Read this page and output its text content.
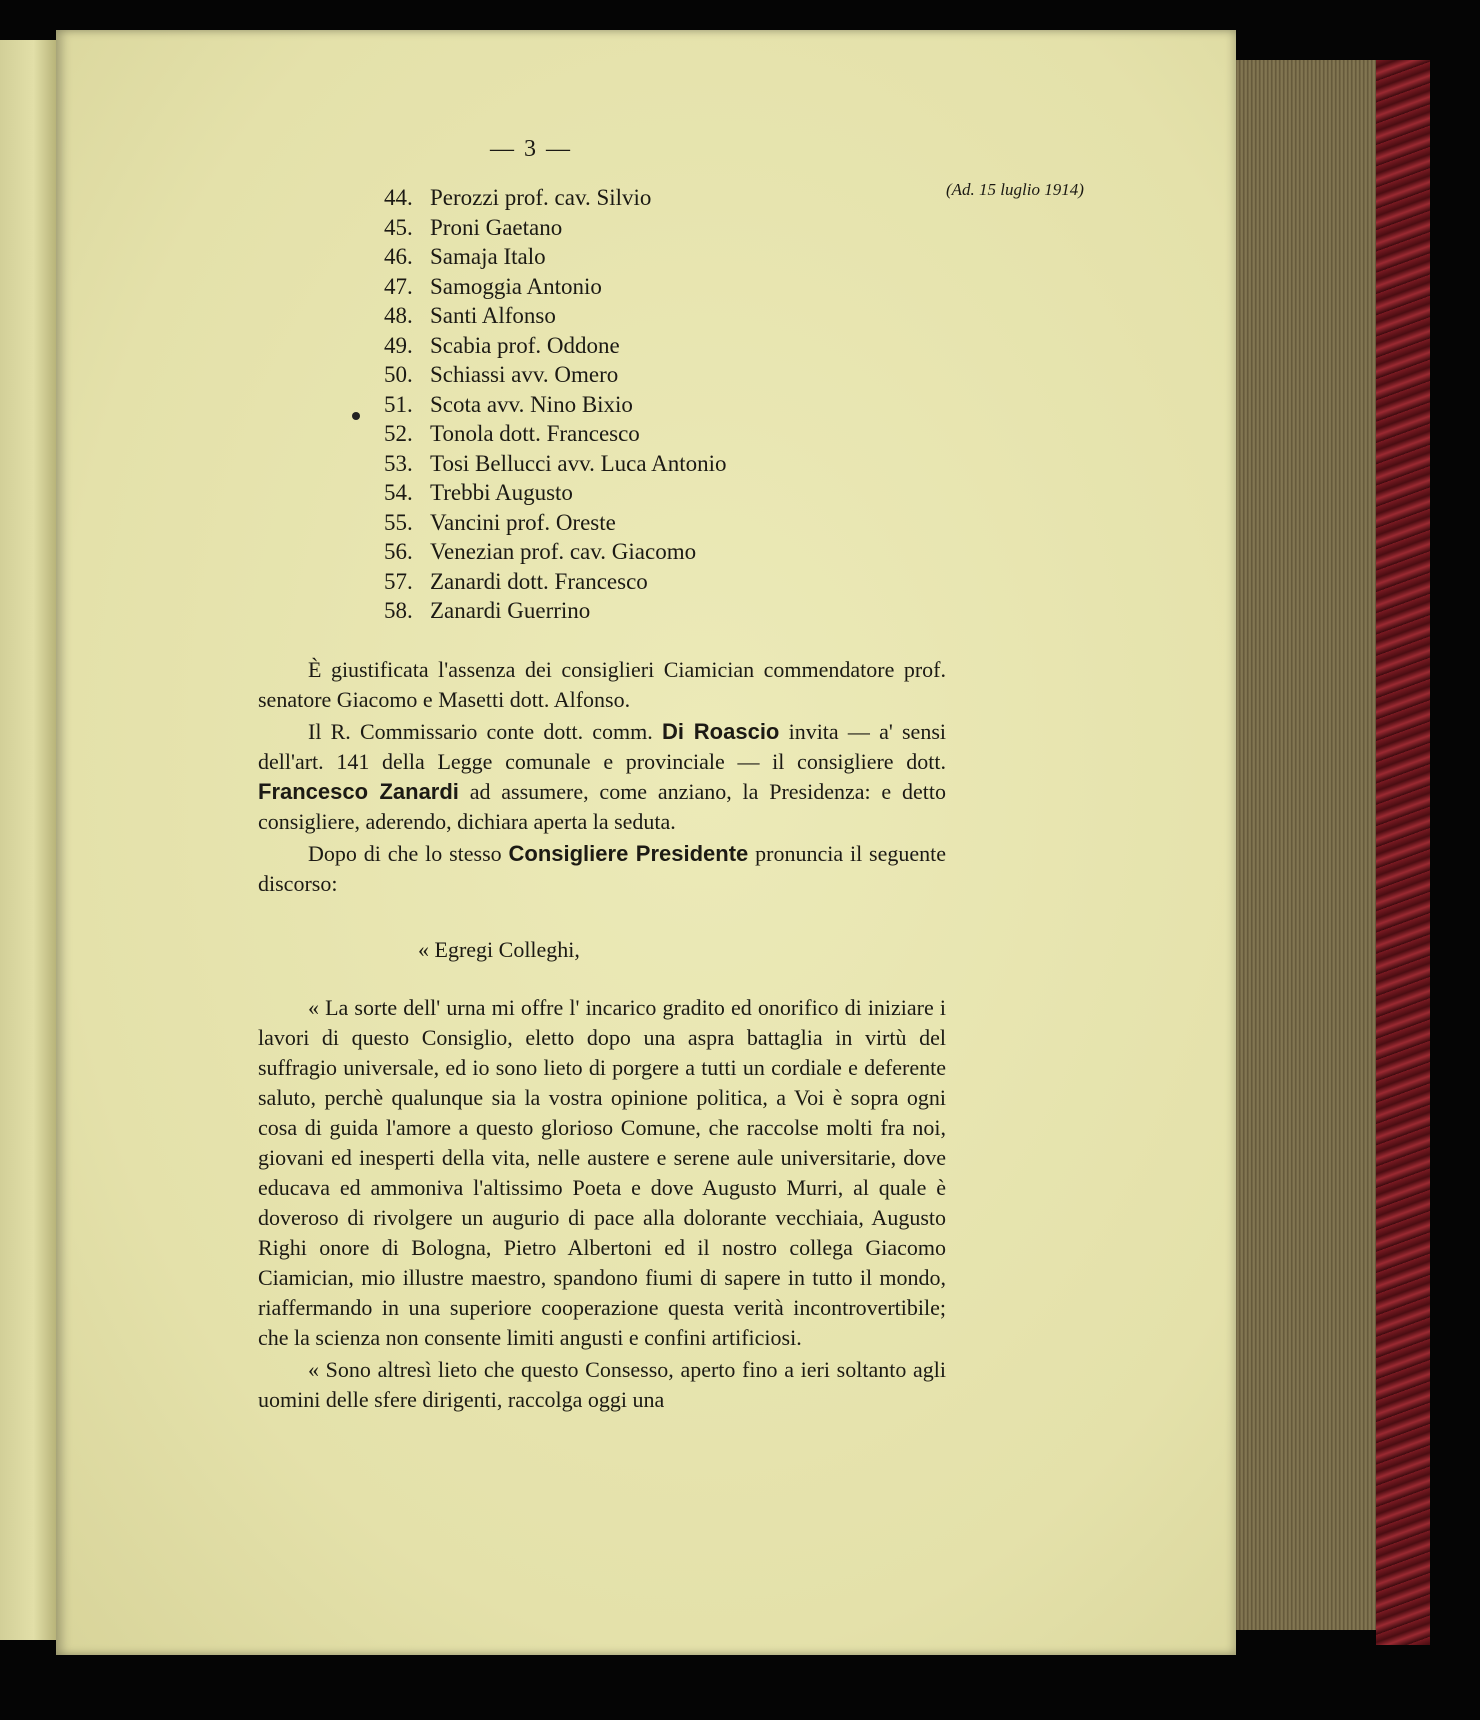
— 3 —
(Ad. 15 luglio 1914)
44. Perozzi prof. cav. Silvio
45. Proni Gaetano
46. Samaja Italo
47. Samoggia Antonio
48. Santi Alfonso
49. Scabia prof. Oddone
50. Schiassi avv. Omero
51. Scota avv. Nino Bixio
52. Tonola dott. Francesco
53. Tosi Bellucci avv. Luca Antonio
54. Trebbi Augusto
55. Vancini prof. Oreste
56. Venezian prof. cav. Giacomo
57. Zanardi dott. Francesco
58. Zanardi Guerrino

È giustificata l'assenza dei consiglieri Ciamician commendatore prof. senatore Giacomo e Masetti dott. Alfonso.

Il R. Commissario conte dott. comm. Di Roascio invita — a' sensi dell'art. 141 della Legge comunale e provinciale — il consigliere dott. Francesco Zanardi ad assumere, come anziano, la Presidenza: e detto consigliere, aderendo, dichiara aperta la seduta.

Dopo di che lo stesso Consigliere Presidente pronuncia il seguente discorso:

« Egregi Colleghi,

« La sorte dell' urna mi offre l' incarico gradito ed onorifico di iniziare i lavori di questo Consiglio, eletto dopo una aspra battaglia in virtù del suffragio universale, ed io sono lieto di porgere a tutti un cordiale e deferente saluto, perchè qualunque sia la vostra opinione politica, a Voi è sopra ogni cosa di guida l'amore a questo glorioso Comune, che raccolse molti fra noi, giovani ed inesperti della vita, nelle austere e serene aule universitarie, dove educava ed ammoniva l'altissimo Poeta e dove Augusto Murri, al quale è doveroso di rivolgere un augurio di pace alla dolorante vecchiaia, Augusto Righi onore di Bologna, Pietro Albertoni ed il nostro collega Giacomo Ciamician, mio illustre maestro, spandono fiumi di sapere in tutto il mondo, riaffermando in una superiore cooperazione questa verità incontrovertibile; che la scienza non consente limiti angusti e confini artificiosi.

« Sono altresì lieto che questo Consesso, aperto fino a ieri soltanto agli uomini delle sfere dirigenti, raccolga oggi una
